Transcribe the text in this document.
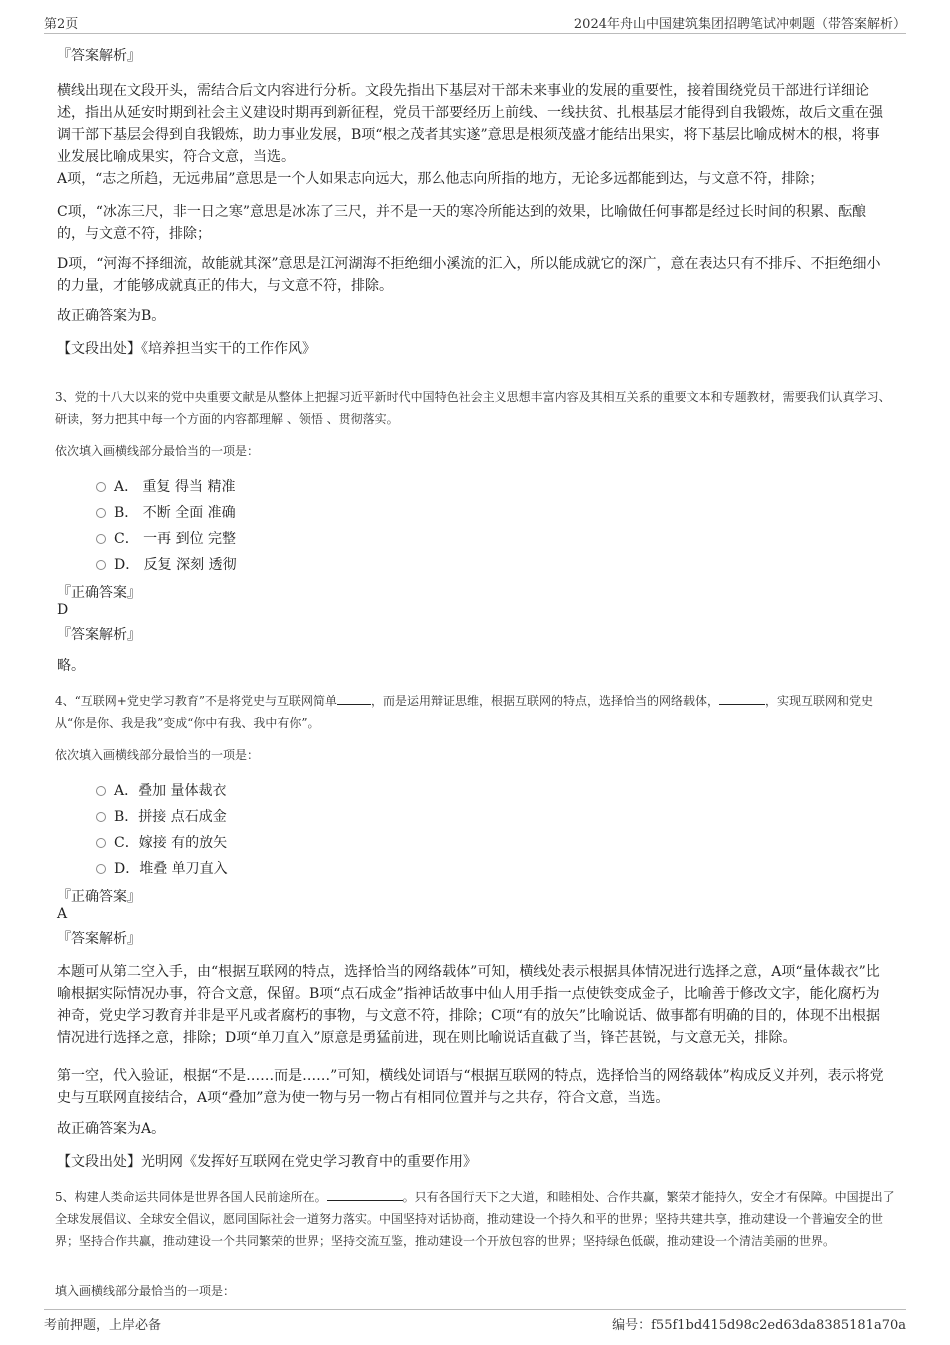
第2页	2024年舟山中国建筑集团招聘笔试冲刺题（带答案解析）
『答案解析』
横线出现在文段开头，需结合后文内容进行分析。文段先指出下基层对干部未来事业的发展的重要性，接着围绕党员干部进行详细论述，指出从延安时期到社会主义建设时期再到新征程，党员干部要经历上前线、一线扶贫、扎根基层才能得到自我锻炼，故后文重在强调干部下基层会得到自我锻炼，助力事业发展，B项“根之茂者其实遂”意思是根须茂盛才能结出果实，将下基层比喻成树木的根，将事业发展比喻成果实，符合文意，当选。
A项，“志之所趋，无远弗届”意思是一个人如果志向远大，那么他志向所指的地方，无论多远都能到达，与文意不符，排除；
C项，“冰冻三尺，非一日之寒”意思是冰冻了三尺，并不是一天的寒冷所能达到的效果，比喻做任何事都是经过长时间的积累、酝酿的，与文意不符，排除；
D项，“河海不择细流，故能就其深”意思是江河湖海不拒绝细小溪流的汇入，所以能成就它的深广，意在表达只有不排斥、不拒绝细小的力量，才能够成就真正的伟大，与文意不符，排除。
故正确答案为B。
【文段出处】《培养担当实干的工作作风》
3、党的十八大以来的党中央重要文献是从整体上把握习近平新时代中国特色社会主义思想丰富内容及其相互关系的重要文本和专题教材，需要我们认真学习、 研读，努力把其中每一个方面的内容都理解 、领悟 、贯彻落实。
依次填入画横线部分最恰当的一项是：
A． 重复 得当 精准
B． 不断 全面 准确
C． 一再 到位 完整
D． 反复 深刻 透彻
『正确答案』
D
『答案解析』
略。
4、“互联网+党史学习教育”不是将党史与互联网简单	，而是运用辩证思维，根据互联网的特点，选择恰当的网络载体，	，实现互联网和党史从“你是你、我是我”变成“你中有我、我中有你”。
依次填入画横线部分最恰当的一项是：
A．叠加 量体裁衣
B．拼接 点石成金
C．嫁接 有的放矢
D．堆叠 单刀直入
『正确答案』
A
『答案解析』
本题可从第二空入手，由“根据互联网的特点，选择恰当的网络载体”可知，横线处表示根据具体情况进行选择之意，A项“量体裁衣”比喻根据实际情况办事，符合文意，保留。B项“点石成金”指神话故事中仙人用手指一点使铁变成金子，比喻善于修改文字，能化腐朽为神奇，党史学习教育并非是平凡或者腐朽的事物，与文意不符，排除；C项“有的放矢”比喻说话、做事都有明确的目的，体现不出根据情况进行选择之意，排除；D项“单刀直入”原意是勇猛前进，现在则比喻说话直截了当，锋芒甚锐，与文意无关，排除。
第一空，代入验证，根据“不是……而是……”可知，横线处词语与“根据互联网的特点，选择恰当的网络载体”构成反义并列，表示将党史与互联网直接结合，A项“叠加”意为使一物与另一物占有相同位置并与之共存，符合文意，当选。
故正确答案为A。
【文段出处】光明网《发挥好互联网在党史学习教育中的重要作用》
5、构建人类命运共同体是世界各国人民前途所在。	。只有各国行天下之大道，和睦相处、合作共赢，繁荣才能持久，安全才有保障。中国提出了全球发展倡议、全球安全倡议，愿同国际社会一道努力落实。中国坚持对话协商，推动建设一个持久和平的世界；坚持共建共享，推动建设一个普遍安全的世界；坚持合作共赢，推动建设一个共同繁荣的世界；坚持交流互鉴，推动建设一个开放包容的世界；坚持绿色低碳，推动建设一个清洁美丽的世界。
填入画横线部分最恰当的一项是：
考前押题，上岸必备	编号：f55f1bd415d98c2ed63da8385181a70a
